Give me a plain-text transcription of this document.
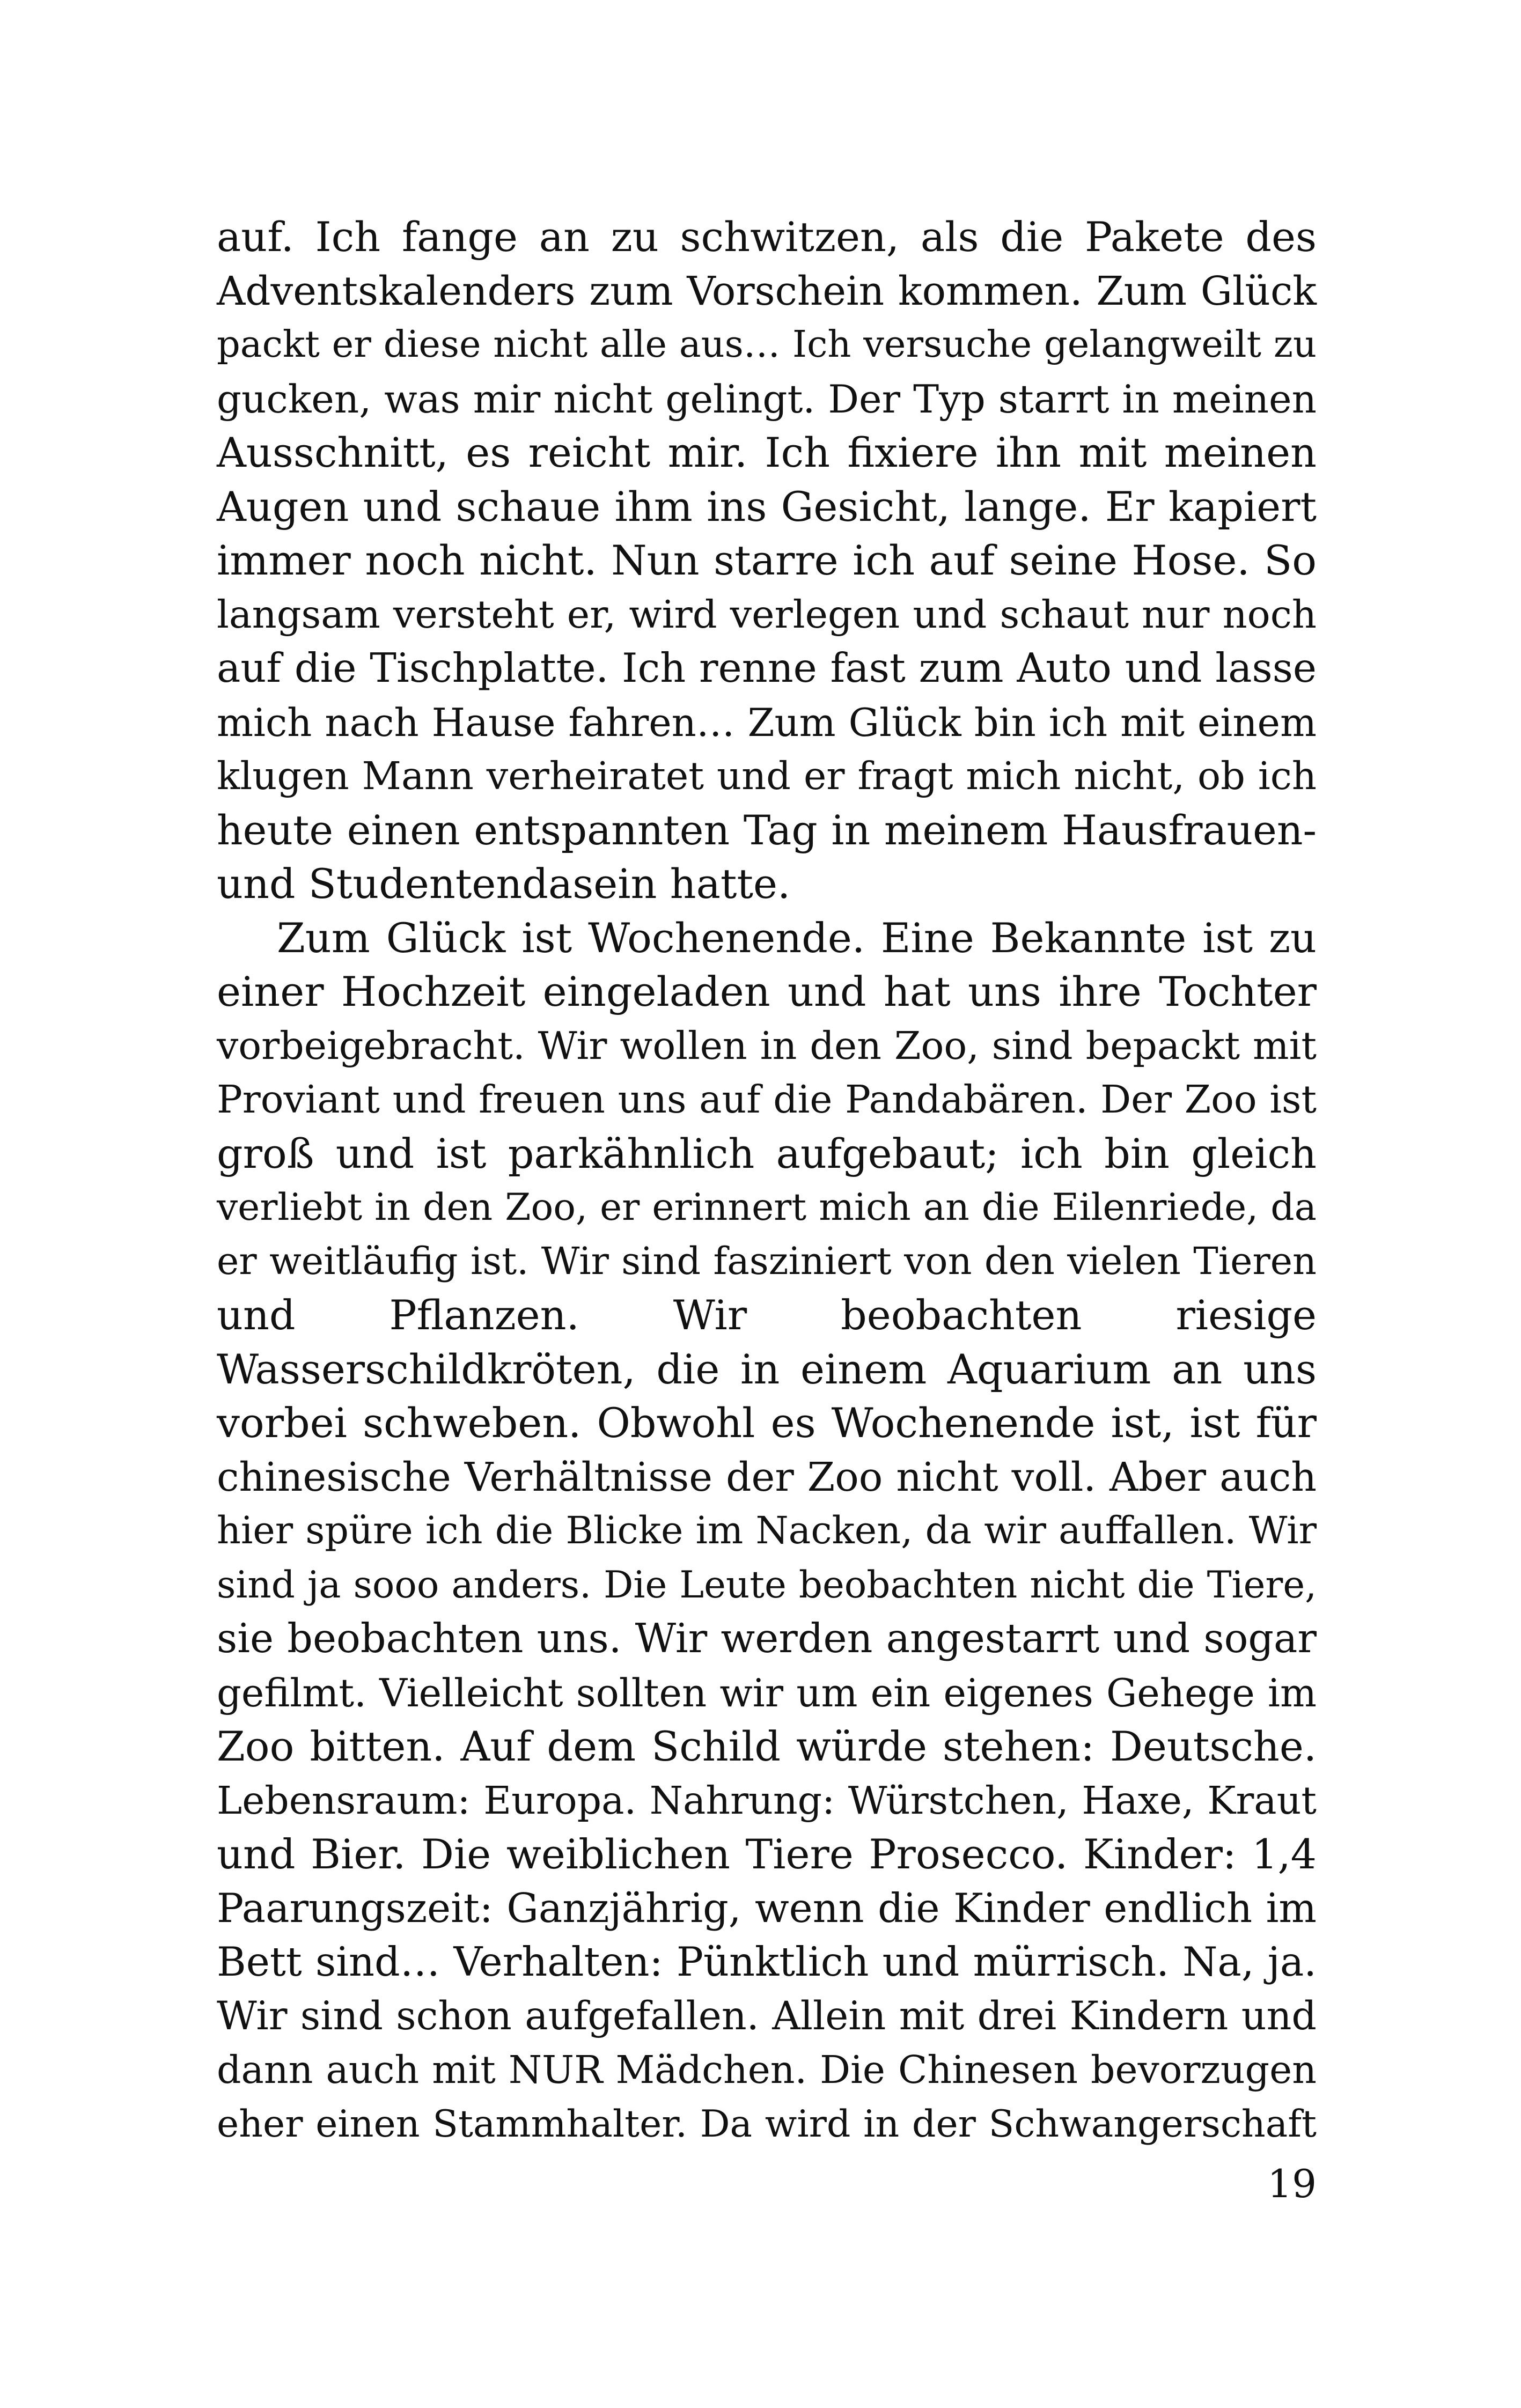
auf. Ich fange an zu schwitzen, als die Pakete des
Adventskalenders zum Vorschein kommen. Zum Glück
packt er diese nicht alle aus… Ich versuche gelangweilt zu
gucken, was mir nicht gelingt. Der Typ starrt in meinen
Ausschnitt, es reicht mir. Ich fixiere ihn mit meinen
Augen und schaue ihm ins Gesicht, lange. Er kapiert
immer noch nicht. Nun starre ich auf seine Hose. So
langsam versteht er, wird verlegen und schaut nur noch
auf die Tischplatte. Ich renne fast zum Auto und lasse
mich nach Hause fahren… Zum Glück bin ich mit einem
klugen Mann verheiratet und er fragt mich nicht, ob ich
heute einen entspannten Tag in meinem Hausfrauen-
und Studentendasein hatte.

Zum Glück ist Wochenende. Eine Bekannte ist zu
einer Hochzeit eingeladen und hat uns ihre Tochter
vorbeigebracht. Wir wollen in den Zoo, sind bepackt mit
Proviant und freuen uns auf die Pandabären. Der Zoo ist
groß und ist parkähnlich aufgebaut; ich bin gleich
verliebt in den Zoo, er erinnert mich an die Eilenriede, da
er weitläufig ist. Wir sind fasziniert von den vielen Tieren
und Pflanzen. Wir beobachten riesige
Wasserschildkröten, die in einem Aquarium an uns
vorbei schweben. Obwohl es Wochenende ist, ist für
chinesische Verhältnisse der Zoo nicht voll. Aber auch
hier spüre ich die Blicke im Nacken, da wir auffallen. Wir
sind ja sooo anders. Die Leute beobachten nicht die Tiere,
sie beobachten uns. Wir werden angestarrt und sogar
gefilmt. Vielleicht sollten wir um ein eigenes Gehege im
Zoo bitten. Auf dem Schild würde stehen: Deutsche.
Lebensraum: Europa. Nahrung: Würstchen, Haxe, Kraut
und Bier. Die weiblichen Tiere Prosecco. Kinder: 1,4
Paarungszeit: Ganzjährig, wenn die Kinder endlich im
Bett sind… Verhalten: Pünktlich und mürrisch. Na, ja.
Wir sind schon aufgefallen. Allein mit drei Kindern und
dann auch mit NUR Mädchen. Die Chinesen bevorzugen
eher einen Stammhalter. Da wird in der Schwangerschaft

19
